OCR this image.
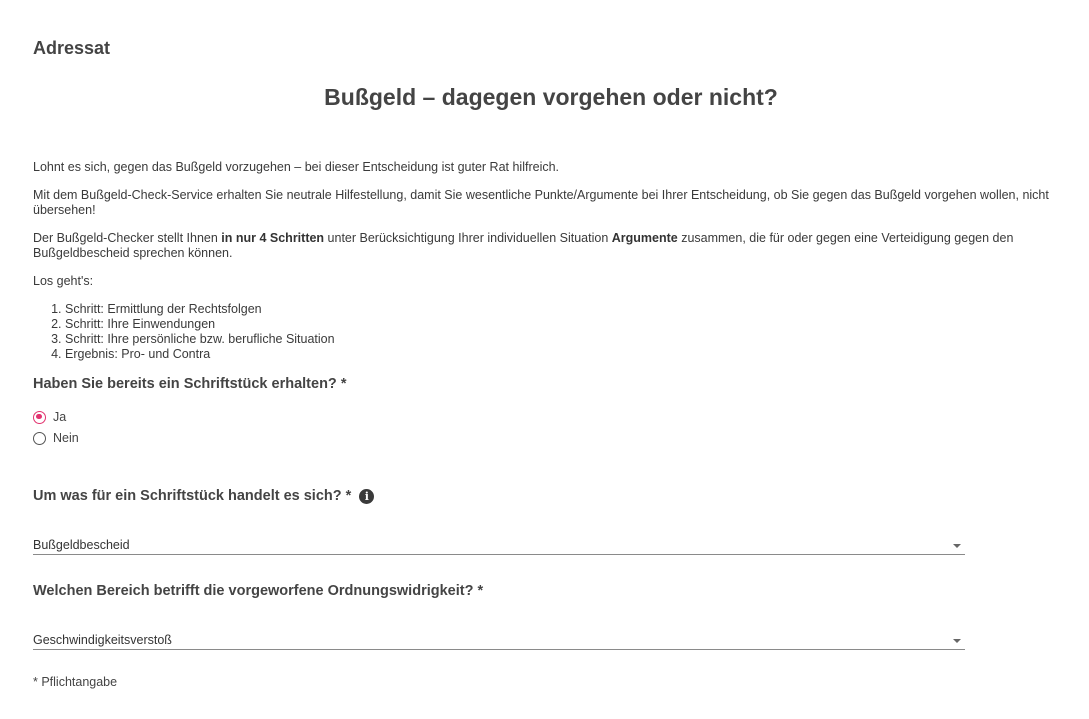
Adressat
Bußgeld – dagegen vorgehen oder nicht?

Lohnt es sich, gegen das Bußgeld vorzugehen – bei dieser Entscheidung ist guter Rat hilfreich.

Mit dem Bußgeld-Check-Service erhalten Sie neutrale Hilfestellung, damit Sie wesentliche Punkte/Argumente bei Ihrer Entscheidung, ob Sie gegen das Bußgeld vorgehen wollen, nicht übersehen!

Der Bußgeld-Checker stellt Ihnen in nur 4 Schritten unter Berücksichtigung Ihrer individuellen Situation Argumente zusammen, die für oder gegen eine Verteidigung gegen den Bußgeldbescheid sprechen können.

Los geht's:

1. Schritt: Ermittlung der Rechtsfolgen
2. Schritt: Ihre Einwendungen
3. Schritt: Ihre persönliche bzw. berufliche Situation
4. Ergebnis: Pro- und Contra
Haben Sie bereits ein Schriftstück erhalten? *
Ja
Nein
Um was für ein Schriftstück handelt es sich? *	i
Bußgeldbescheid
Welchen Bereich betrifft die vorgeworfene Ordnungswidrigkeit? *
Geschwindigkeitsverstoß
* Pflichtangabe
